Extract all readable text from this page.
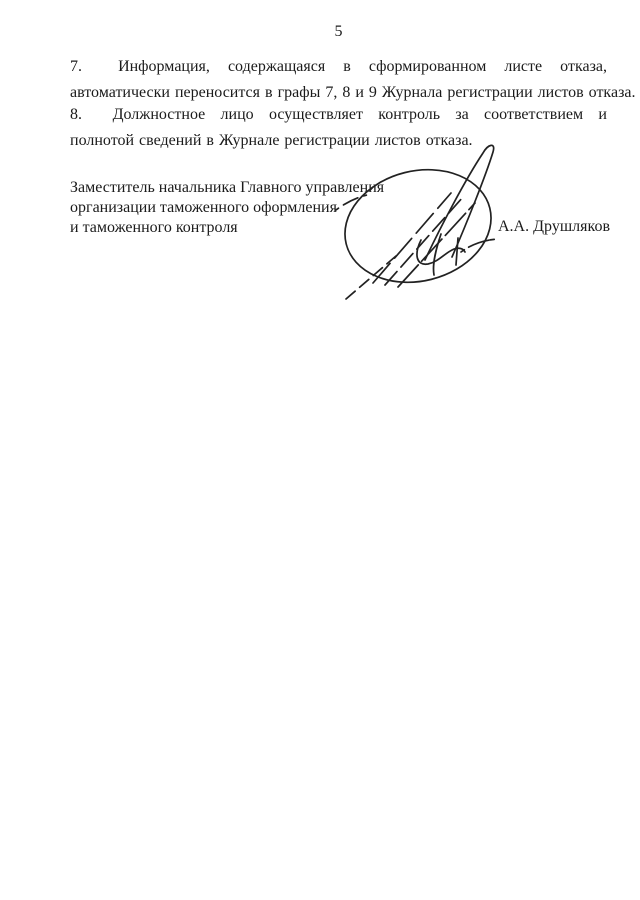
5
7.  Информация, содержащаяся в сформированном листе отказа,
автоматически переносится в графы 7, 8 и 9 Журнала регистрации листов отказа.
8.  Должностное лицо осуществляет контроль за соответствием и
полнотой сведений в Журнале регистрации листов отказа.
Заместитель начальника Главного управления
организации таможенного оформления
и таможенного контроля	А.А. Друшляков
